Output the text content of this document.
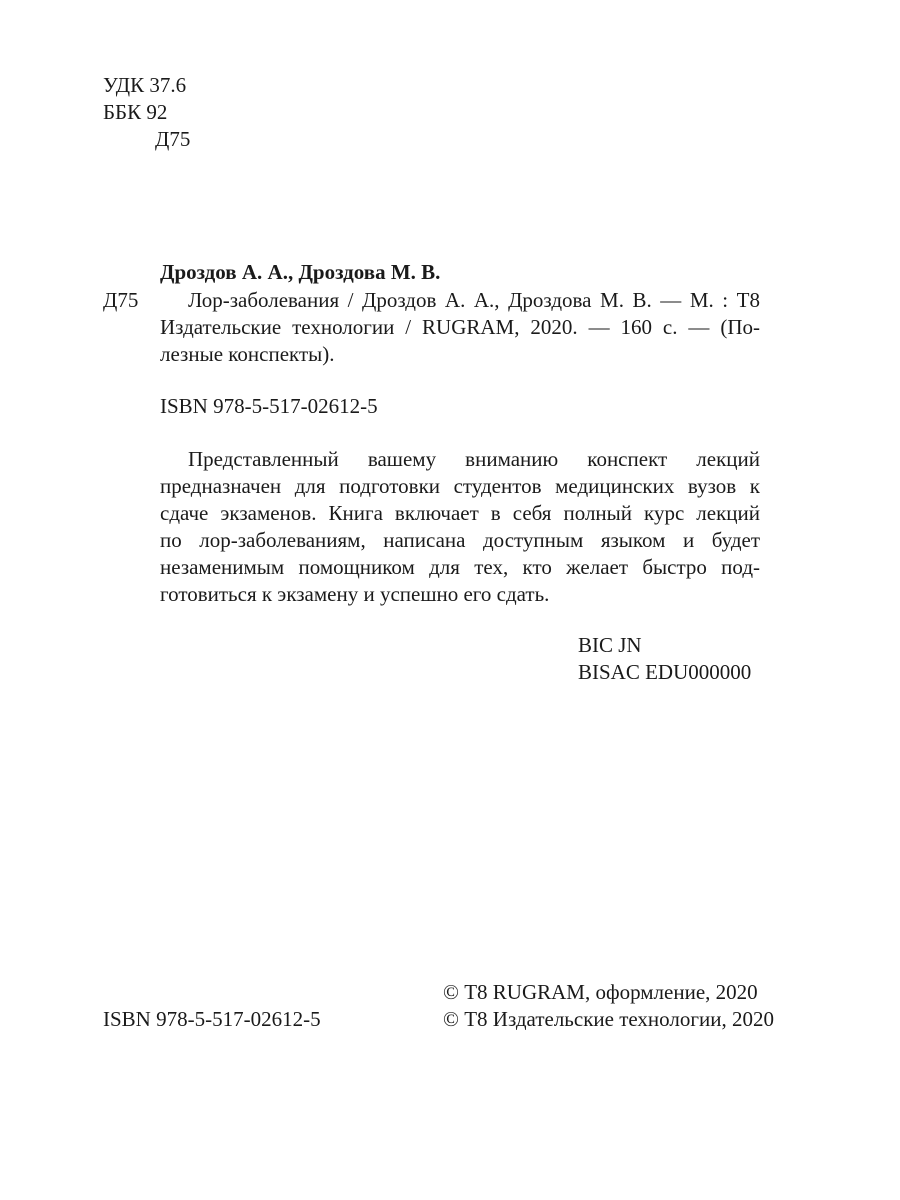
УДК 37.6
ББК 92
Д75
Дроздов А. А., Дроздова М. В.
Д75	Лор-заболевания / Дроздов А. А., Дроздова М. В. — М. : Т8
Издательские технологии / RUGRAM, 2020. — 160 с. — (По-
лезные конспекты).
ISBN 978-5-517-02612-5
Представленный вашему вниманию конспект лекций
предназначен для подготовки студентов медицинских вузов к
сдаче экзаменов. Книга включает в себя полный курс лекций
по лор-заболеваниям, написана доступным языком и будет
незаменимым помощником для тех, кто желает быстро под-
готовиться к экзамену и успешно его сдать.
BIC JN
BISAC EDU000000
ISBN 978-5-517-02612-5
© Т8 RUGRAM, оформление, 2020
© Т8 Издательские технологии, 2020
